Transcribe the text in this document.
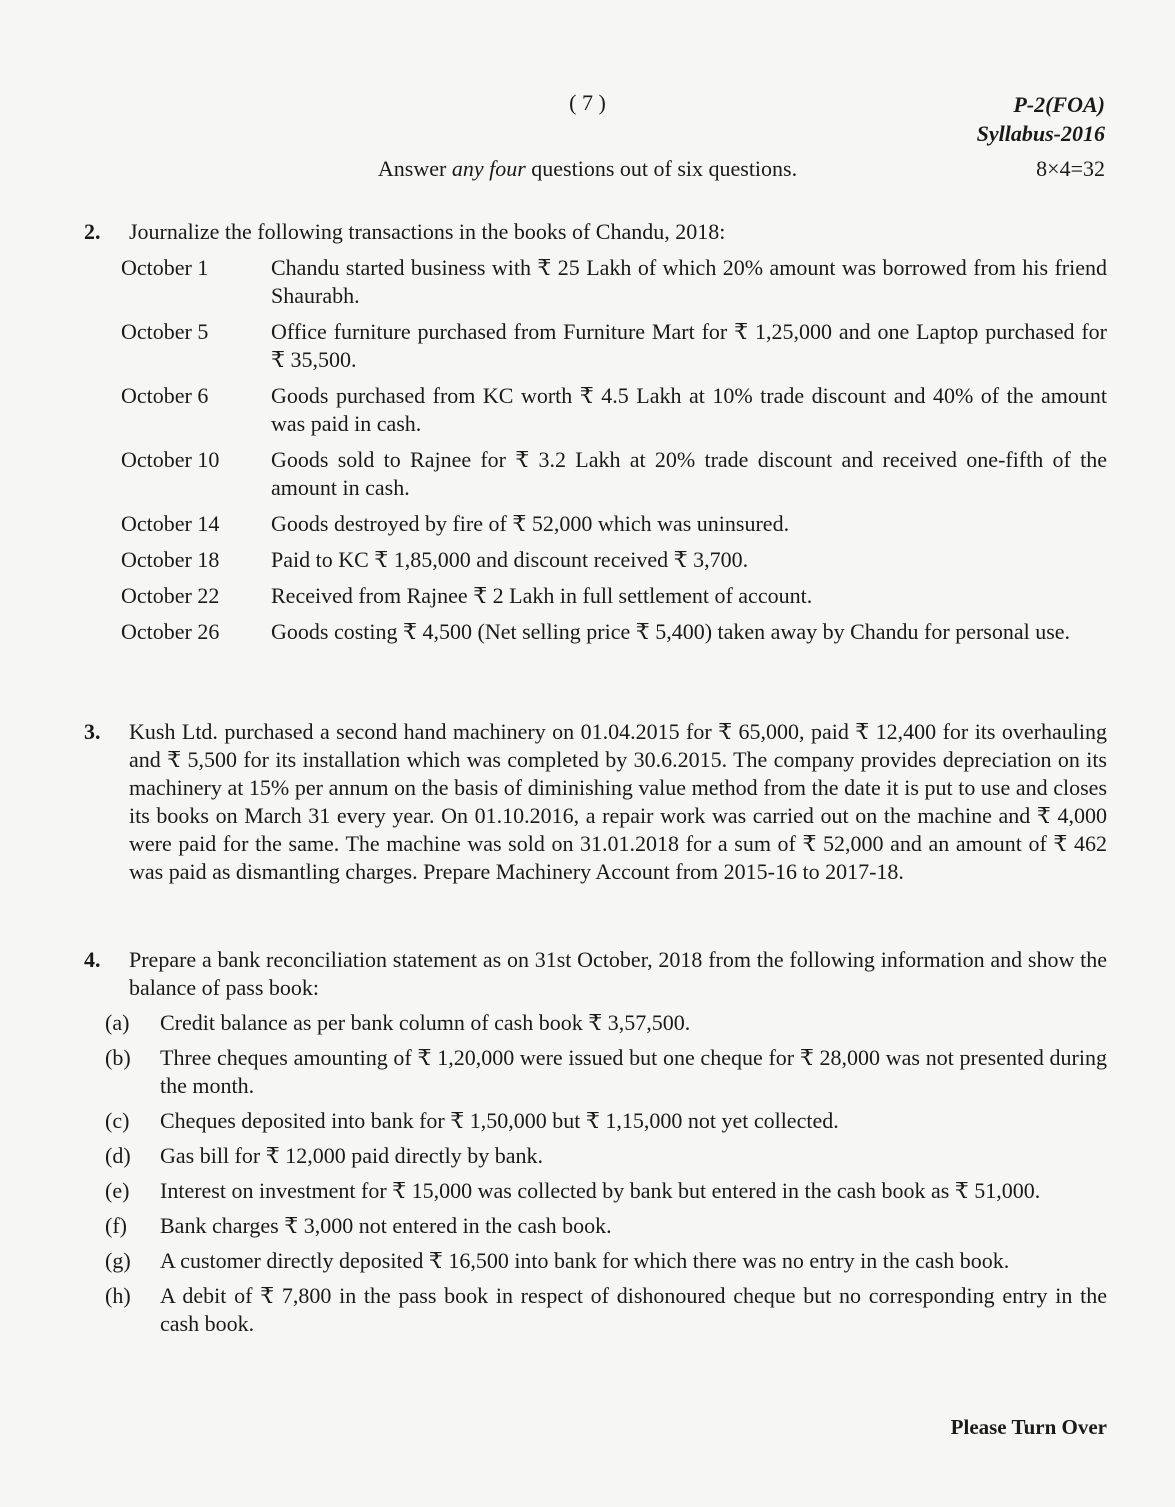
( 7 )	P-2(FOA)
Syllabus-2016
Answer any four questions out of six questions.	8×4=32
2. Journalize the following transactions in the books of Chandu, 2018:
October 1	Chandu started business with ₹ 25 Lakh of which 20% amount was borrowed from his friend Shaurabh.
October 5	Office furniture purchased from Furniture Mart for ₹ 1,25,000 and one Laptop purchased for ₹ 35,500.
October 6	Goods purchased from KC worth ₹ 4.5 Lakh at 10% trade discount and 40% of the amount was paid in cash.
October 10 Goods sold to Rajnee for ₹ 3.2 Lakh at 20% trade discount and received one-fifth of the amount in cash.
October 14 Goods destroyed by fire of ₹ 52,000 which was uninsured.
October 18 Paid to KC ₹ 1,85,000 and discount received ₹ 3,700.
October 22 Received from Rajnee ₹ 2 Lakh in full settlement of account.
October 26 Goods costing ₹ 4,500 (Net selling price ₹ 5,400) taken away by Chandu for personal use.
3. Kush Ltd. purchased a second hand machinery on 01.04.2015 for ₹ 65,000, paid ₹ 12,400 for its overhauling and ₹ 5,500 for its installation which was completed by 30.6.2015. The company provides depreciation on its machinery at 15% per annum on the basis of diminishing value method from the date it is put to use and closes its books on March 31 every year. On 01.10.2016, a repair work was carried out on the machine and ₹ 4,000 were paid for the same. The machine was sold on 31.01.2018 for a sum of ₹ 52,000 and an amount of ₹ 462 was paid as dismantling charges. Prepare Machinery Account from 2015-16 to 2017-18.
4. Prepare a bank reconciliation statement as on 31st October, 2018 from the following information and show the balance of pass book:
(a) Credit balance as per bank column of cash book ₹ 3,57,500.
(b) Three cheques amounting of ₹ 1,20,000 were issued but one cheque for ₹ 28,000 was not presented during the month.
(c) Cheques deposited into bank for ₹ 1,50,000 but ₹ 1,15,000 not yet collected.
(d) Gas bill for ₹ 12,000 paid directly by bank.
(e) Interest on investment for ₹ 15,000 was collected by bank but entered in the cash book as ₹ 51,000.
(f) Bank charges ₹ 3,000 not entered in the cash book.
(g) A customer directly deposited ₹ 16,500 into bank for which there was no entry in the cash book.
(h) A debit of ₹ 7,800 in the pass book in respect of dishonoured cheque but no corresponding entry in the cash book.
Please Turn Over
